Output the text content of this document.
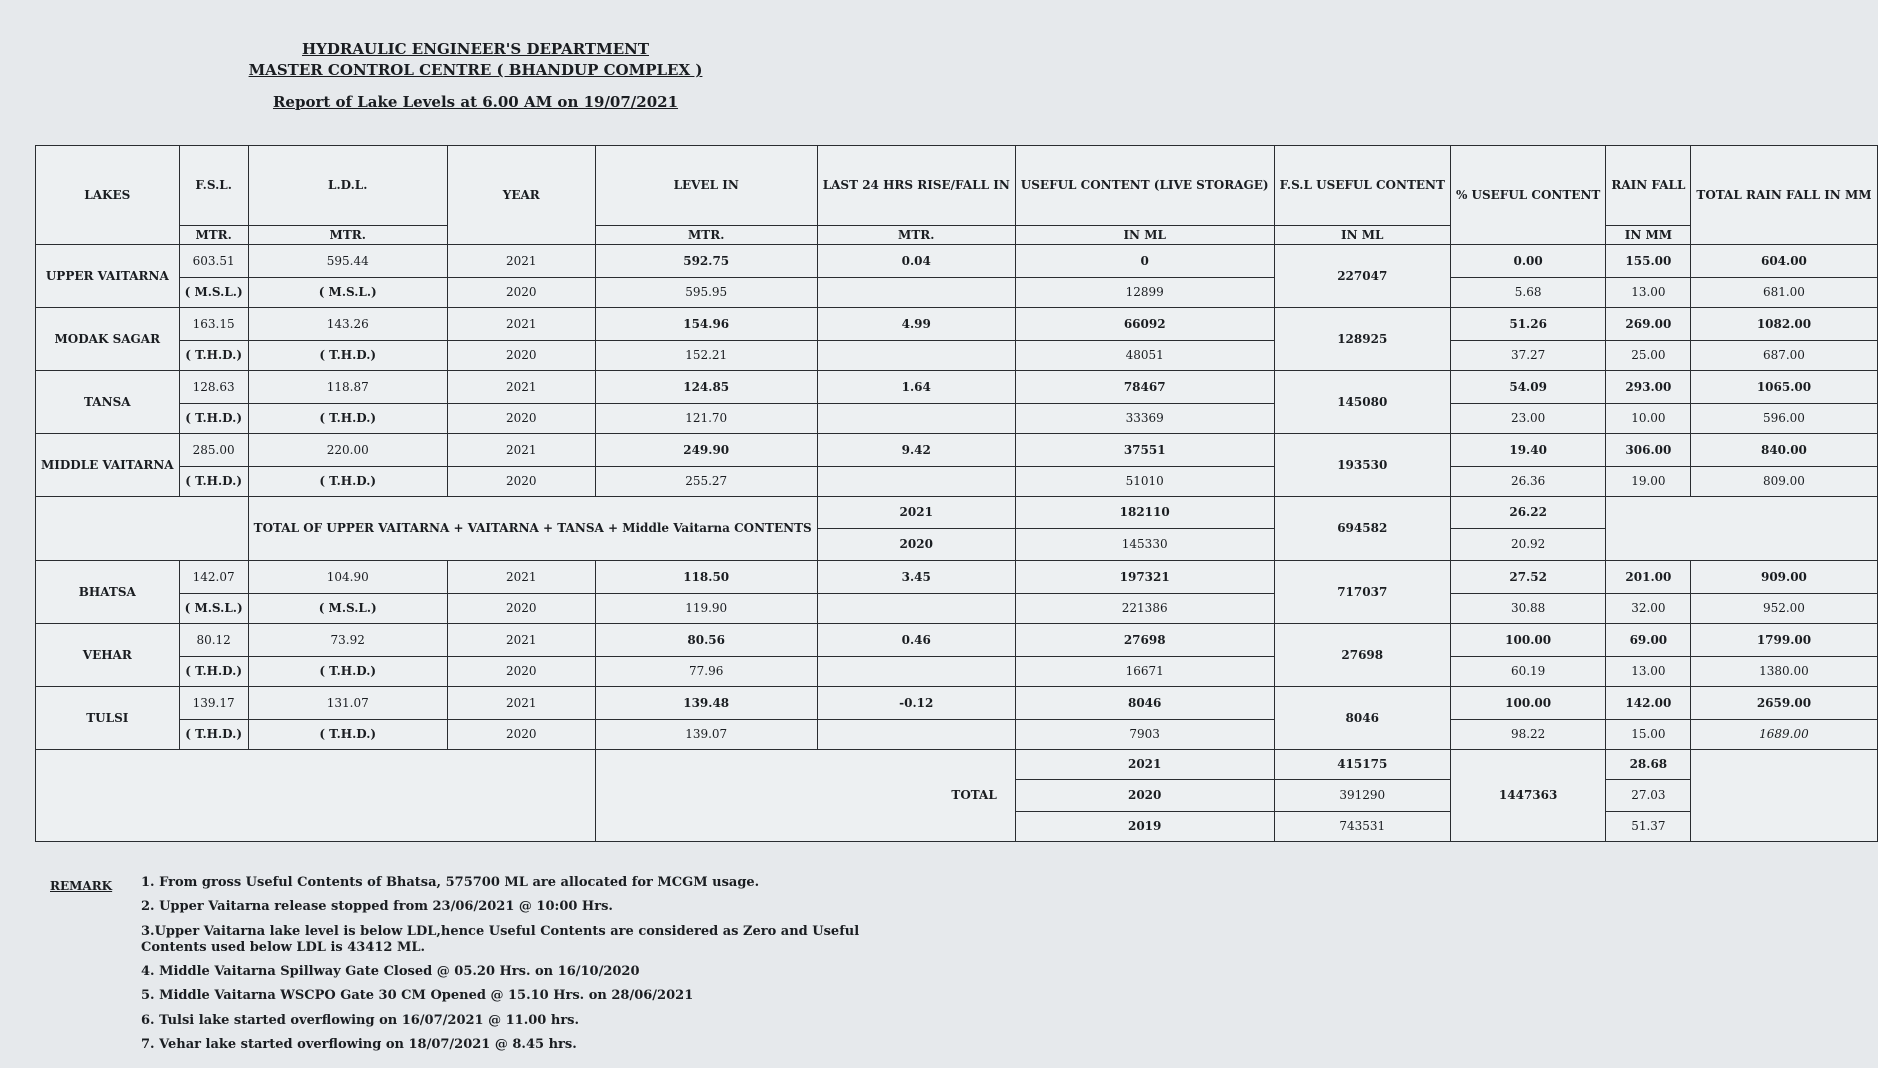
HYDRAULIC ENGINEER'S DEPARTMENT
MASTER CONTROL CENTRE ( BHANDUP COMPLEX )
Report of Lake Levels at 6.00 AM on 19/07/2021
LAKES	F.S.L.	L.D.L.	YEAR	LEVEL IN	LAST 24 HRS RISE/FALL IN	USEFUL CONTENT (LIVE STORAGE)	F.S.L USEFUL CONTENT	% USEFUL CONTENT	RAIN FALL	TOTAL RAIN FALL IN MM
	MTR.	MTR.		MTR.	MTR.	IN ML	IN ML		IN MM	
UPPER VAITARNA	603.51	595.44	2021	592.75	0.04	0	227047	0.00	155.00	604.00
	( M.S.L.)	( M.S.L.)	2020	595.95		12899		5.68	13.00	681.00
MODAK SAGAR	163.15	143.26	2021	154.96	4.99	66092	128925	51.26	269.00	1082.00
	( T.H.D.)	( T.H.D.)	2020	152.21		48051		37.27	25.00	687.00
TANSA	128.63	118.87	2021	124.85	1.64	78467	145080	54.09	293.00	1065.00
	( T.H.D.)	( T.H.D.)	2020	121.70		33369		23.00	10.00	596.00
MIDDLE VAITARNA	285.00	220.00	2021	249.90	9.42	37551	193530	19.40	306.00	840.00
	( T.H.D.)	( T.H.D.)	2020	255.27		51010		26.36	19.00	809.00
		TOTAL OF UPPER VAITARNA + VAITARNA + TANSA + Middle Vaitarna CONTENTS			2021	182110	694582	26.22		
					2020	145330		20.92		
BHATSA	142.07	104.90	2021	118.50	3.45	197321	717037	27.52	201.00	909.00
	( M.S.L.)	( M.S.L.)	2020	119.90		221386		30.88	32.00	952.00
VEHAR	80.12	73.92	2021	80.56	0.46	27698	27698	100.00	69.00	1799.00
	( T.H.D.)	( T.H.D.)	2020	77.96		16671		60.19	13.00	1380.00
TULSI	139.17	131.07	2021	139.48	-0.12	8046	8046	100.00	142.00	2659.00
	( T.H.D.)	( T.H.D.)	2020	139.07		7903		98.22	15.00	1689.00
				TOTAL		2021	415175	1447363	28.68	
						2020	391290		27.03	
						2019	743531		51.37	
REMARK 1. From gross Useful Contents of Bhatsa, 575700 ML are allocated for MCGM usage.
2. Upper Vaitarna release stopped from 23/06/2021 @ 10:00 Hrs.
3.Upper Vaitarna lake level is below LDL,hence Useful Contents are considered as Zero and Useful Contents used below LDL is 43412 ML.
4. Middle Vaitarna Spillway Gate Closed @ 05.20 Hrs. on 16/10/2020
5. Middle Vaitarna WSCPO Gate 30 CM Opened @ 15.10 Hrs. on 28/06/2021
6. Tulsi lake started overflowing on 16/07/2021 @ 11.00 hrs.
7. Vehar lake started overflowing on 18/07/2021 @ 8.45 hrs.
